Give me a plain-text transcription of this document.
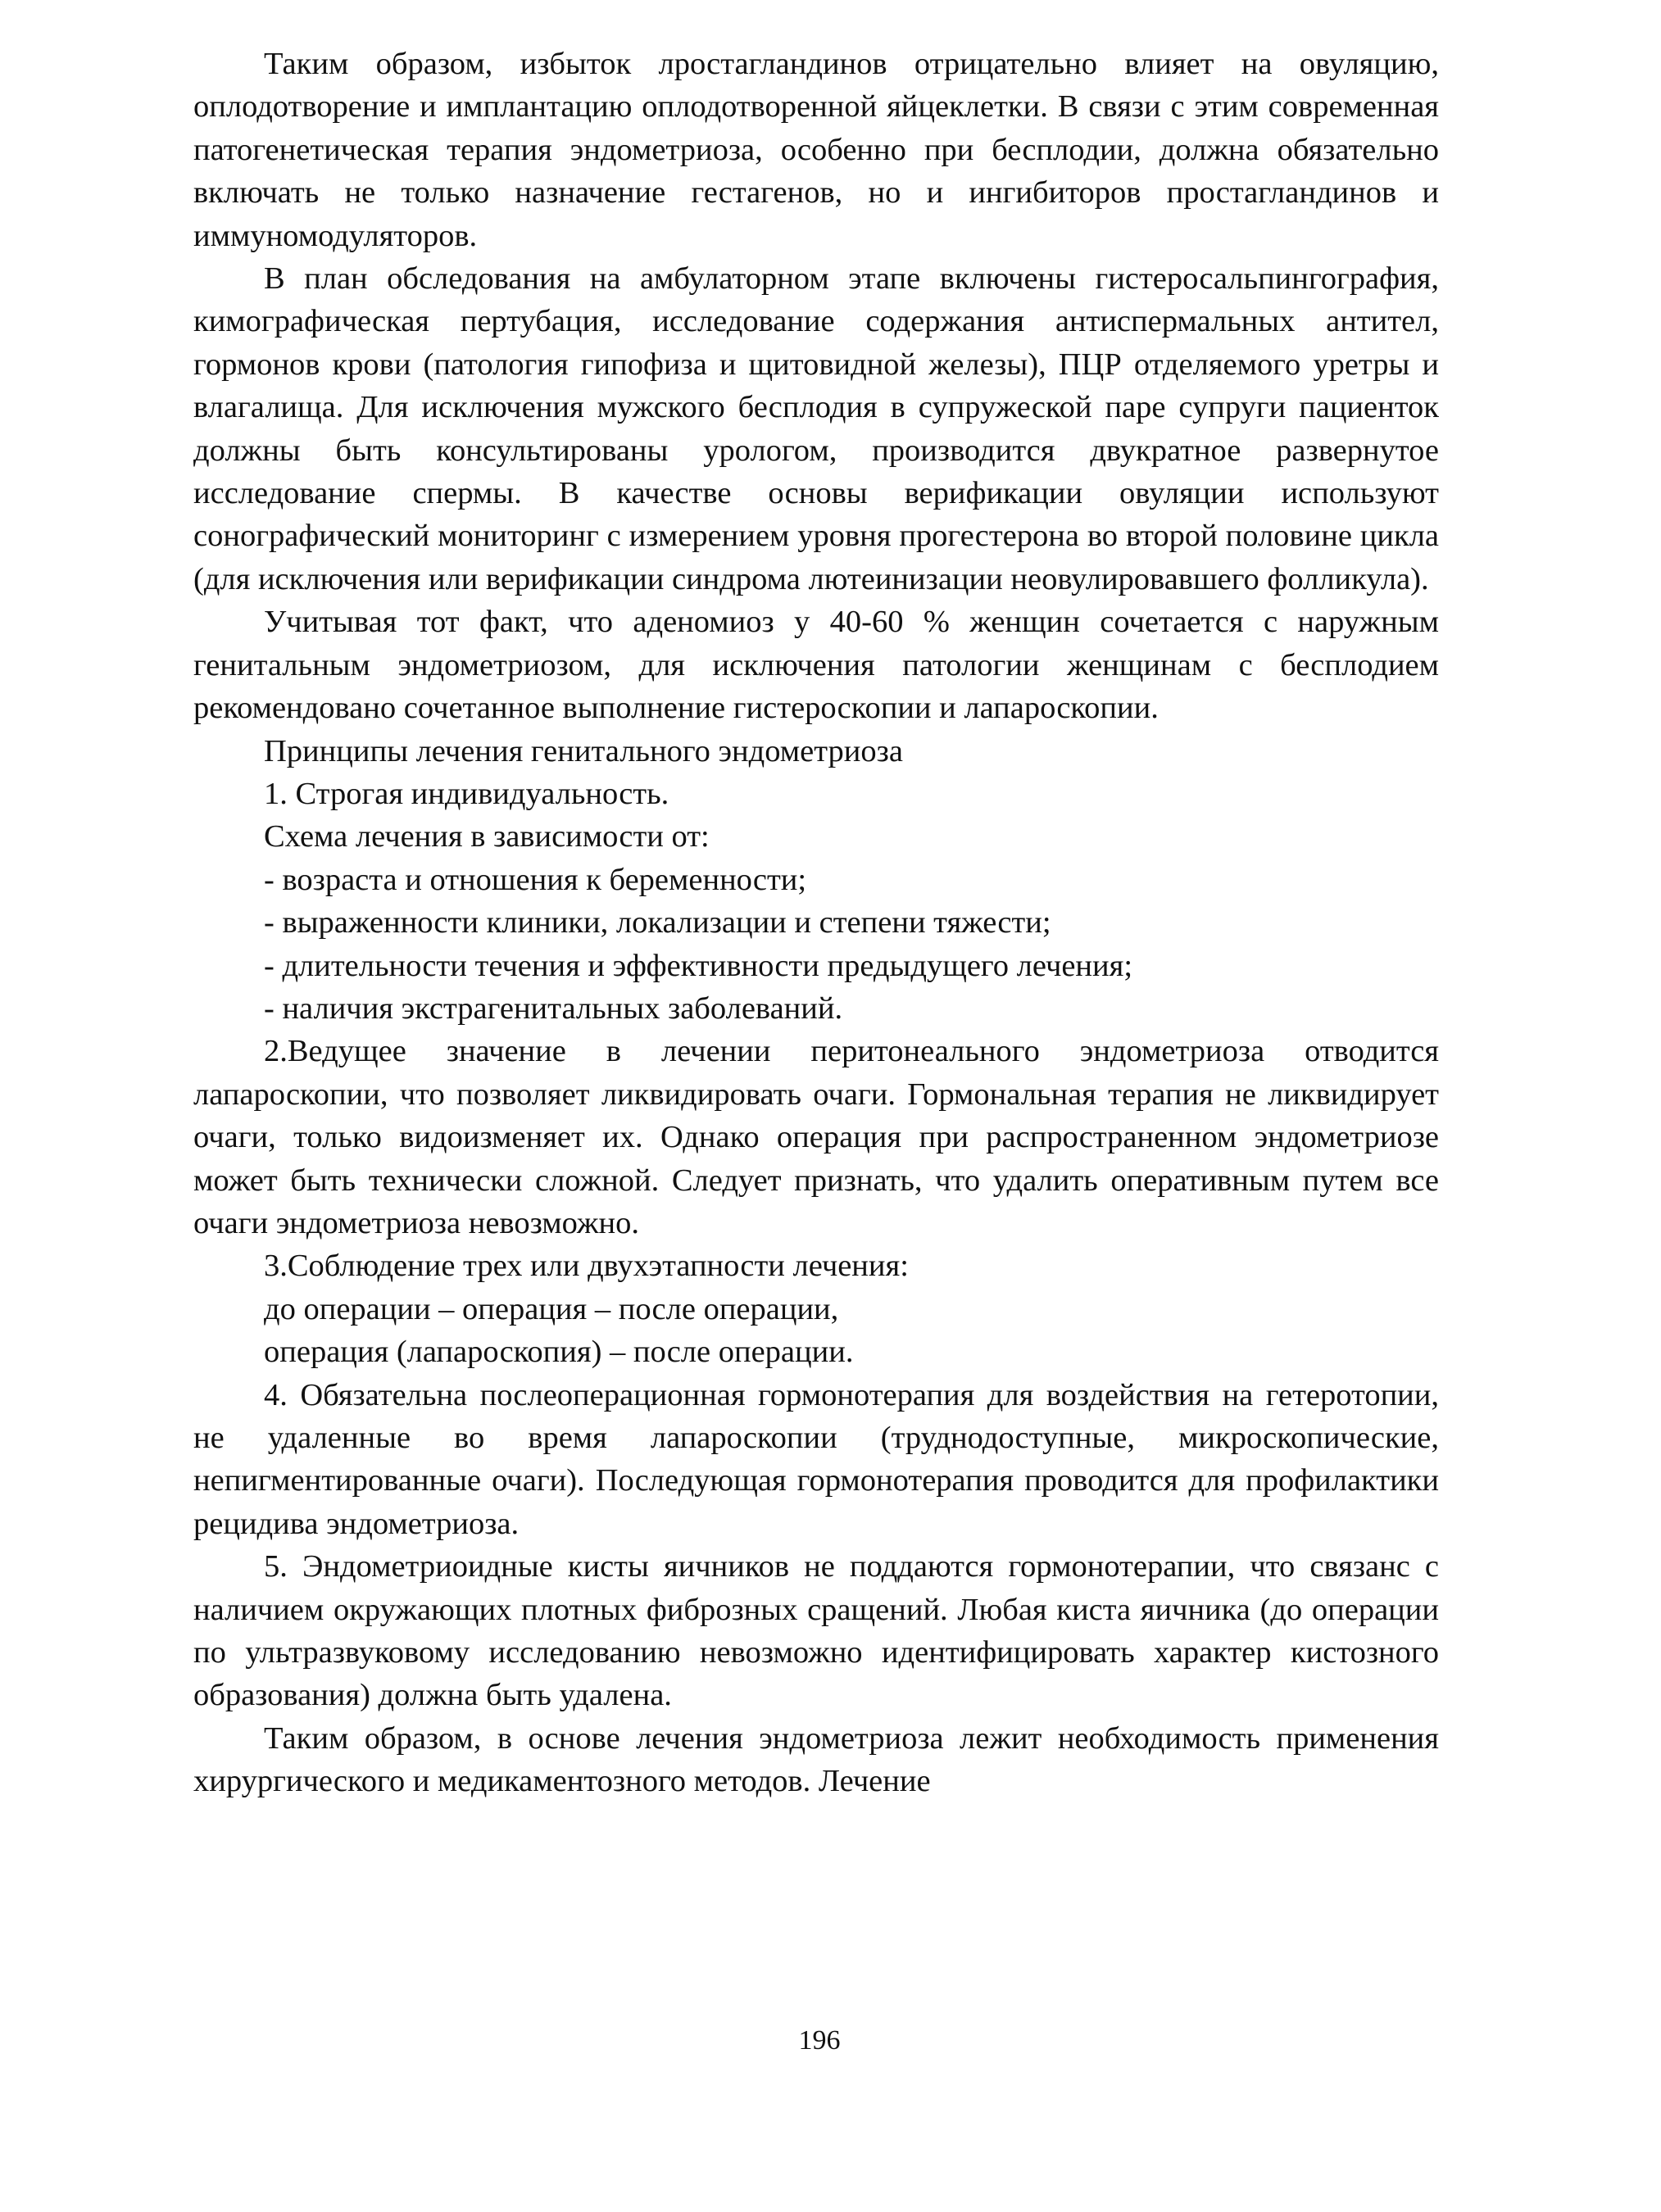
Таким образом, избыток лростагландинов отрицательно влияет на овуляцию, оплодотворение и имплантацию оплодотворенной яйцеклетки. В связи с этим современная патогенетическая терапия эндометриоза, особенно при бесплодии, должна обязательно включать не только назначение гестагенов, но и ингибиторов простагландинов и иммуномодуляторов.

В план обследования на амбулаторном этапе включены гистеросальпингография, кимографическая пертубация, исследование содержания антиспермальных антител, гормонов крови (патология гипофиза и щитовидной железы), ПЦР отделяемого уретры и влагалища. Для исключения мужского бесплодия в супружеской паре супруги пациенток должны быть консультированы урологом, производится двукратное развернутое исследование спермы. В качестве основы верификации овуляции используют сонографический мониторинг с измерением уровня прогестерона во второй половине цикла (для исключения или верификации синдрома лютеинизации неовулировавшего фолликула).

Учитывая тот факт, что аденомиоз у 40-60 % женщин сочетается с наружным генитальным эндометриозом, для исключения патологии женщинам с бесплодием рекомендовано сочетанное выполнение гистероскопии и лапароскопии.

Принципы лечения генитального эндометриоза

1. Строгая индивидуальность.

Схема лечения в зависимости от:

- возраста и отношения к беременности;

- выраженности клиники, локализации и степени тяжести;

- длительности течения и эффективности предыдущего лечения;

- наличия экстрагенитальных заболеваний.

2.Ведущее значение в лечении перитонеального эндометриоза отводится лапароскопии, что позволяет ликвидировать очаги. Гормональная терапия не ликвидирует очаги, только видоизменяет их. Однако операция при распространенном эндометриозе может быть технически сложной. Следует признать, что удалить оперативным путем все очаги эндометриоза невозможно.

3.Соблюдение трех или двухэтапности лечения:

до операции – операция – после операции,

операция (лапароскопия) – после операции.

4. Обязательна послеоперационная гормонотерапия для воздействия на гетеротопии, не удаленные во время лапароскопии (труднодоступные, микроскопические, непигментированные очаги). Последующая гормонотерапия проводится для профилактики рецидива эндометриоза.

5. Эндометриоидные кисты яичников не поддаются гормонотерапии, что связанс с наличием окружающих плотных фиброзных сращений. Любая киста яичника (до операции по ультразвуковому исследованию невозможно идентифицировать характер кистозного образования) должна быть удалена.

Таким образом, в основе лечения эндометриоза лежит необходимость применения хирургического и медикаментозного методов. Лечение

196
